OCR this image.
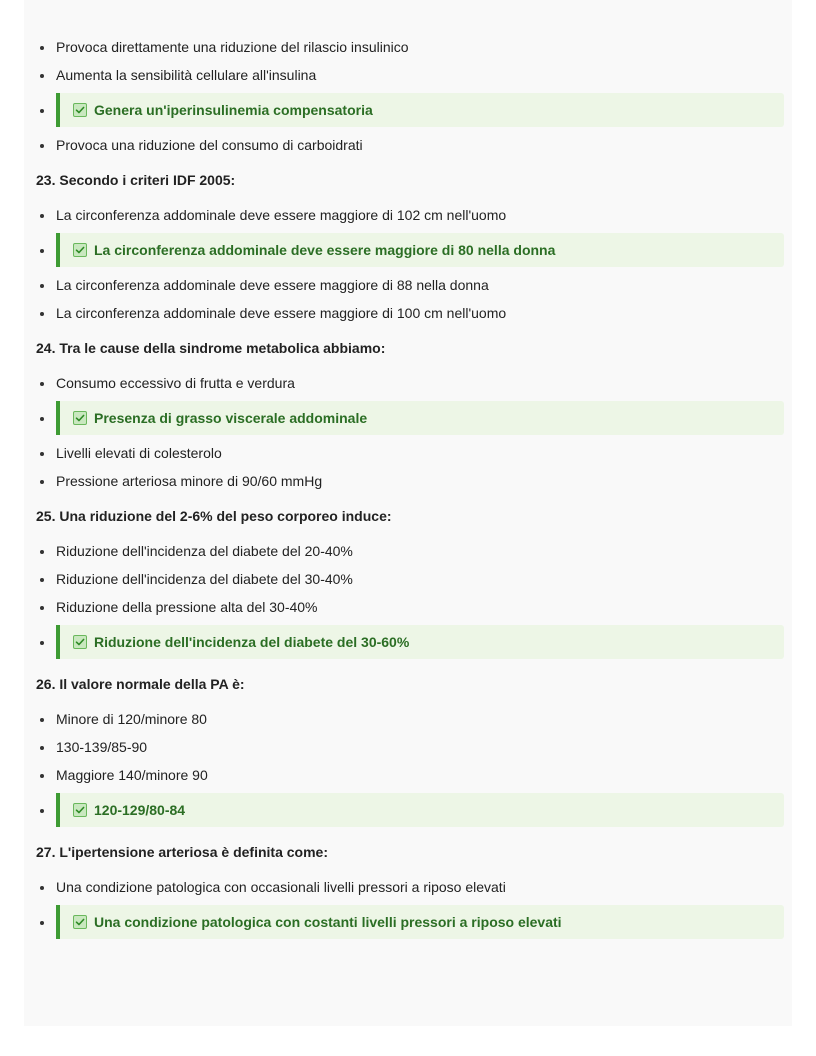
Provoca direttamente una riduzione del rilascio insulinico
Aumenta la sensibilità cellulare all'insulina
Genera un'iperinsulinemia compensatoria
Provoca una riduzione del consumo di carboidrati
23. Secondo i criteri IDF 2005:
La circonferenza addominale deve essere maggiore di 102 cm nell'uomo
La circonferenza addominale deve essere maggiore di 80 nella donna
La circonferenza addominale deve essere maggiore di 88 nella donna
La circonferenza addominale deve essere maggiore di 100 cm nell'uomo
24. Tra le cause della sindrome metabolica abbiamo:
Consumo eccessivo di frutta e verdura
Presenza di grasso viscerale addominale
Livelli elevati di colesterolo
Pressione arteriosa minore di 90/60 mmHg
25. Una riduzione del 2-6% del peso corporeo induce:
Riduzione dell'incidenza del diabete del 20-40%
Riduzione dell'incidenza del diabete del 30-40%
Riduzione della pressione alta del 30-40%
Riduzione dell'incidenza del diabete del 30-60%
26. Il valore normale della PA è:
Minore di 120/minore 80
130-139/85-90
Maggiore 140/minore 90
120-129/80-84
27. L'ipertensione arteriosa è definita come:
Una condizione patologica con occasionali livelli pressori a riposo elevati
Una condizione patologica con costanti livelli pressori a riposo elevati
